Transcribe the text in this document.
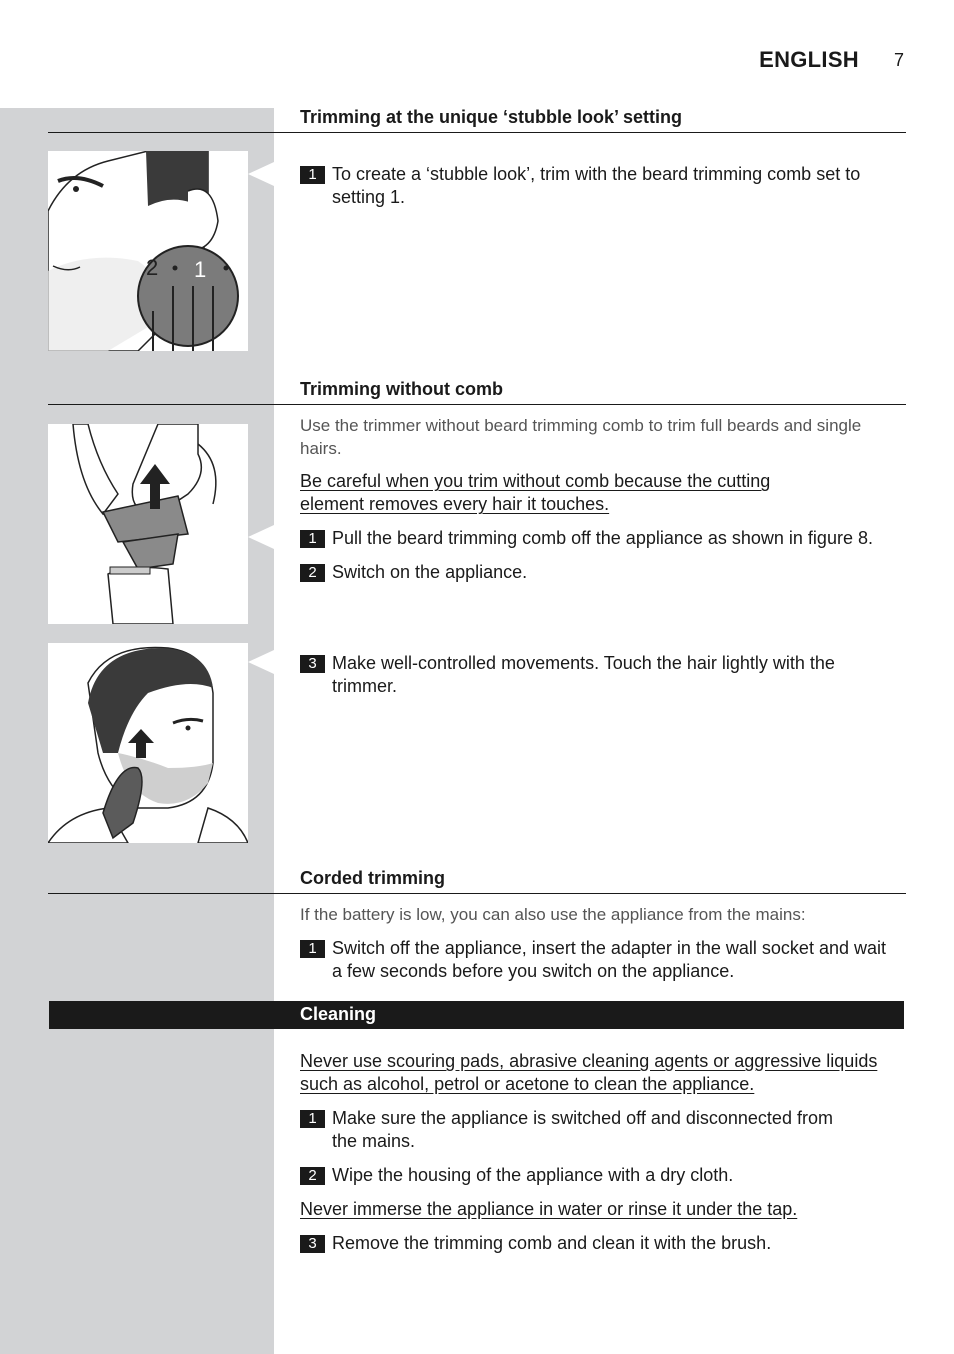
ENGLISH 7
Trimming at the unique ‘stubble look’ setting
2 1
1 To create a ‘stubble look’, trim with the beard trimming comb set to setting 1.
Trimming without comb
Use the trimmer without beard trimming comb to trim full beards and single hairs.
Be careful when you trim without comb because the cutting element removes every hair it touches.
1 Pull the beard trimming comb off the appliance as shown in figure 8.
2 Switch on the appliance.
3 Make well-controlled movements. Touch the hair lightly with the trimmer.
Corded trimming
If the battery is low, you can also use the appliance from the mains:
1 Switch off the appliance, insert the adapter in the wall socket and wait a few seconds before you switch on the appliance.
Cleaning
Never use scouring pads, abrasive cleaning agents or aggressive liquids such as alcohol, petrol or acetone to clean the appliance.
1 Make sure the appliance is switched off and disconnected from the mains.
2 Wipe the housing of the appliance with a dry cloth.
Never immerse the appliance in water or rinse it under the tap.
3 Remove the trimming comb and clean it with the brush.
